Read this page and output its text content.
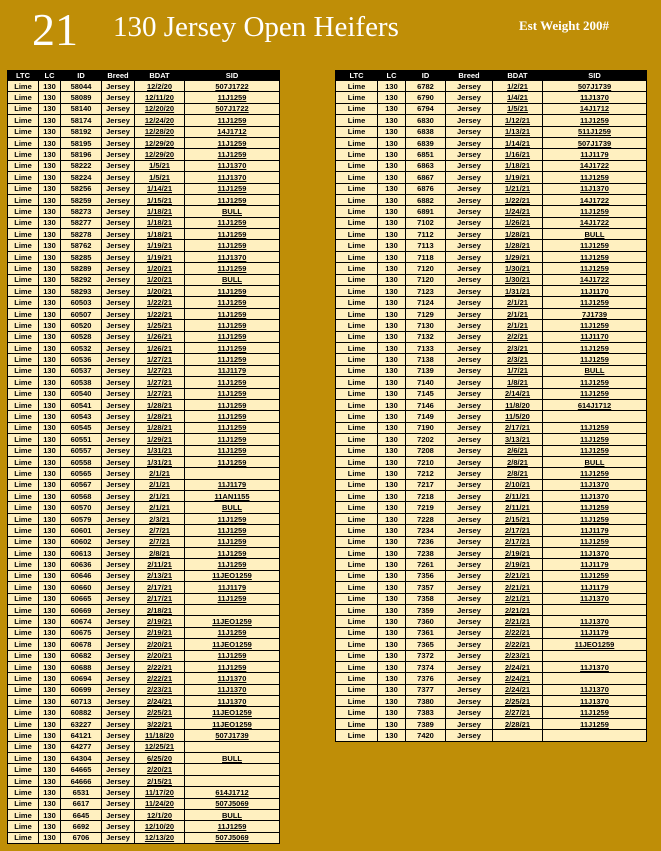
21 130 Jersey Open Heifers	Est Weight 200#
LTC	LC	ID	Breed	BDAT	SID
Lime	130	58044	Jersey	12/2/20	507J1722
Lime	130	58089	Jersey	12/11/20	11J1259
Lime	130	58140	Jersey	12/20/20	507J1722
Lime	130	58174	Jersey	12/24/20	11J1259
Lime	130	58192	Jersey	12/28/20	14J1712
Lime	130	58195	Jersey	12/29/20	11J1259
Lime	130	58196	Jersey	12/29/20	11J1259
Lime	130	58222	Jersey	1/5/21	11J1370
Lime	130	58224	Jersey	1/5/21	11J1370
Lime	130	58256	Jersey	1/14/21	11J1259
Lime	130	58259	Jersey	1/15/21	11J1259
Lime	130	58273	Jersey	1/18/21	BULL
Lime	130	58277	Jersey	1/18/21	11J1259
Lime	130	58278	Jersey	1/18/21	11J1259
Lime	130	58762	Jersey	1/19/21	11J1259
Lime	130	58285	Jersey	1/19/21	11J1370
Lime	130	58289	Jersey	1/20/21	11J1259
Lime	130	58292	Jersey	1/20/21	BULL
Lime	130	58293	Jersey	1/20/21	11J1259
Lime	130	60503	Jersey	1/22/21	11J1259
Lime	130	60507	Jersey	1/22/21	11J1259
Lime	130	60520	Jersey	1/25/21	11J1259
Lime	130	60528	Jersey	1/26/21	11J1259
Lime	130	60532	Jersey	1/26/21	11J1259
Lime	130	60536	Jersey	1/27/21	11J1259
Lime	130	60537	Jersey	1/27/21	11J1179
Lime	130	60538	Jersey	1/27/21	11J1259
Lime	130	60540	Jersey	1/27/21	11J1259
Lime	130	60541	Jersey	1/28/21	11J1259
Lime	130	60543	Jersey	1/28/21	11J1259
Lime	130	60545	Jersey	1/28/21	11J1259
Lime	130	60551	Jersey	1/29/21	11J1259
Lime	130	60557	Jersey	1/31/21	11J1259
Lime	130	60558	Jersey	1/31/21	11J1259
Lime	130	60565	Jersey	2/1/21	
Lime	130	60567	Jersey	2/1/21	11J1179
Lime	130	60568	Jersey	2/1/21	11AN1155
Lime	130	60570	Jersey	2/1/21	BULL
Lime	130	60579	Jersey	2/3/21	11J1259
Lime	130	60601	Jersey	2/7/21	11J1259
Lime	130	60602	Jersey	2/7/21	11J1259
Lime	130	60613	Jersey	2/8/21	11J1259
Lime	130	60636	Jersey	2/11/21	11J1259
Lime	130	60646	Jersey	2/13/21	11JEO1259
Lime	130	60660	Jersey	2/17/21	11J1179
Lime	130	60665	Jersey	2/17/21	11J1259
Lime	130	60669	Jersey	2/18/21	
Lime	130	60674	Jersey	2/19/21	11JEO1259
Lime	130	60675	Jersey	2/19/21	11J1259
Lime	130	60678	Jersey	2/20/21	11JEO1259
Lime	130	60682	Jersey	2/20/21	11J1259
Lime	130	60688	Jersey	2/22/21	11J1259
Lime	130	60694	Jersey	2/22/21	11J1370
Lime	130	60699	Jersey	2/23/21	11J1370
Lime	130	60713	Jersey	2/24/21	11J1370
Lime	130	60882	Jersey	2/25/21	11JEO1259
Lime	130	63227	Jersey	3/22/21	11JEO1259
Lime	130	64121	Jersey	11/18/20	507J1739
Lime	130	64277	Jersey	12/25/21	
Lime	130	64304	Jersey	6/25/20	BULL
Lime	130	64665	Jersey	2/20/21	
Lime	130	64666	Jersey	2/15/21	
Lime	130	6531	Jersey	11/17/20	614J1712
Lime	130	6617	Jersey	11/24/20	507J5069
Lime	130	6645	Jersey	12/1/20	BULL
Lime	130	6692	Jersey	12/10/20	11J1259
Lime	130	6706	Jersey	12/13/20	507J5069
LTC	LC	ID	Breed	BDAT	SID
Lime	130	6782	Jersey	1/2/21	507J1739
Lime	130	6790	Jersey	1/4/21	11J1370
Lime	130	6794	Jersey	1/5/21	14J1712
Lime	130	6830	Jersey	1/12/21	11J1259
Lime	130	6838	Jersey	1/13/21	511J1259
Lime	130	6839	Jersey	1/14/21	507J1739
Lime	130	6851	Jersey	1/16/21	11J1179
Lime	130	6863	Jersey	1/18/21	14J1722
Lime	130	6867	Jersey	1/19/21	11J1259
Lime	130	6876	Jersey	1/21/21	11J1370
Lime	130	6882	Jersey	1/22/21	14J1722
Lime	130	6891	Jersey	1/24/21	11J1259
Lime	130	7102	Jersey	1/26/21	14J1722
Lime	130	7112	Jersey	1/28/21	BULL
Lime	130	7113	Jersey	1/28/21	11J1259
Lime	130	7118	Jersey	1/29/21	11J1259
Lime	130	7120	Jersey	1/30/21	11J1259
Lime	130	7120	Jersey	1/30/21	14J1722
Lime	130	7123	Jersey	1/31/21	11J1170
Lime	130	7124	Jersey	2/1/21	11J1259
Lime	130	7129	Jersey	2/1/21	7J1739
Lime	130	7130	Jersey	2/1/21	11J1259
Lime	130	7132	Jersey	2/2/21	11J1170
Lime	130	7133	Jersey	2/3/21	11J1259
Lime	130	7138	Jersey	2/3/21	11J1259
Lime	130	7139	Jersey	1/7/21	BULL
Lime	130	7140	Jersey	1/8/21	11J1259
Lime	130	7145	Jersey	2/14/21	11J1259
Lime	130	7146	Jersey	11/8/20	614J1712
Lime	130	7149	Jersey	11/5/20	
Lime	130	7190	Jersey	2/17/21	11J1259
Lime	130	7202	Jersey	3/13/21	11J1259
Lime	130	7208	Jersey	2/6/21	11J1259
Lime	130	7210	Jersey	2/8/21	BULL
Lime	130	7212	Jersey	2/8/21	11J1259
Lime	130	7217	Jersey	2/10/21	11J1370
Lime	130	7218	Jersey	2/11/21	11J1370
Lime	130	7219	Jersey	2/11/21	11J1259
Lime	130	7228	Jersey	2/15/21	11J1259
Lime	130	7234	Jersey	2/17/21	11J1179
Lime	130	7236	Jersey	2/17/21	11J1259
Lime	130	7238	Jersey	2/19/21	11J1370
Lime	130	7261	Jersey	2/19/21	11J1179
Lime	130	7356	Jersey	2/21/21	11J1259
Lime	130	7357	Jersey	2/21/21	11J1179
Lime	130	7358	Jersey	2/21/21	11J1370
Lime	130	7359	Jersey	2/21/21	
Lime	130	7360	Jersey	2/21/21	11J1370
Lime	130	7361	Jersey	2/22/21	11J1179
Lime	130	7365	Jersey	2/22/21	11JEO1259
Lime	130	7372	Jersey	2/23/21	
Lime	130	7374	Jersey	2/24/21	11J1370
Lime	130	7376	Jersey	2/24/21	
Lime	130	7377	Jersey	2/24/21	11J1370
Lime	130	7380	Jersey	2/25/21	11J1370
Lime	130	7383	Jersey	2/27/21	11J1259
Lime	130	7389	Jersey	2/28/21	11J1259
Lime	130	7420	Jersey		
